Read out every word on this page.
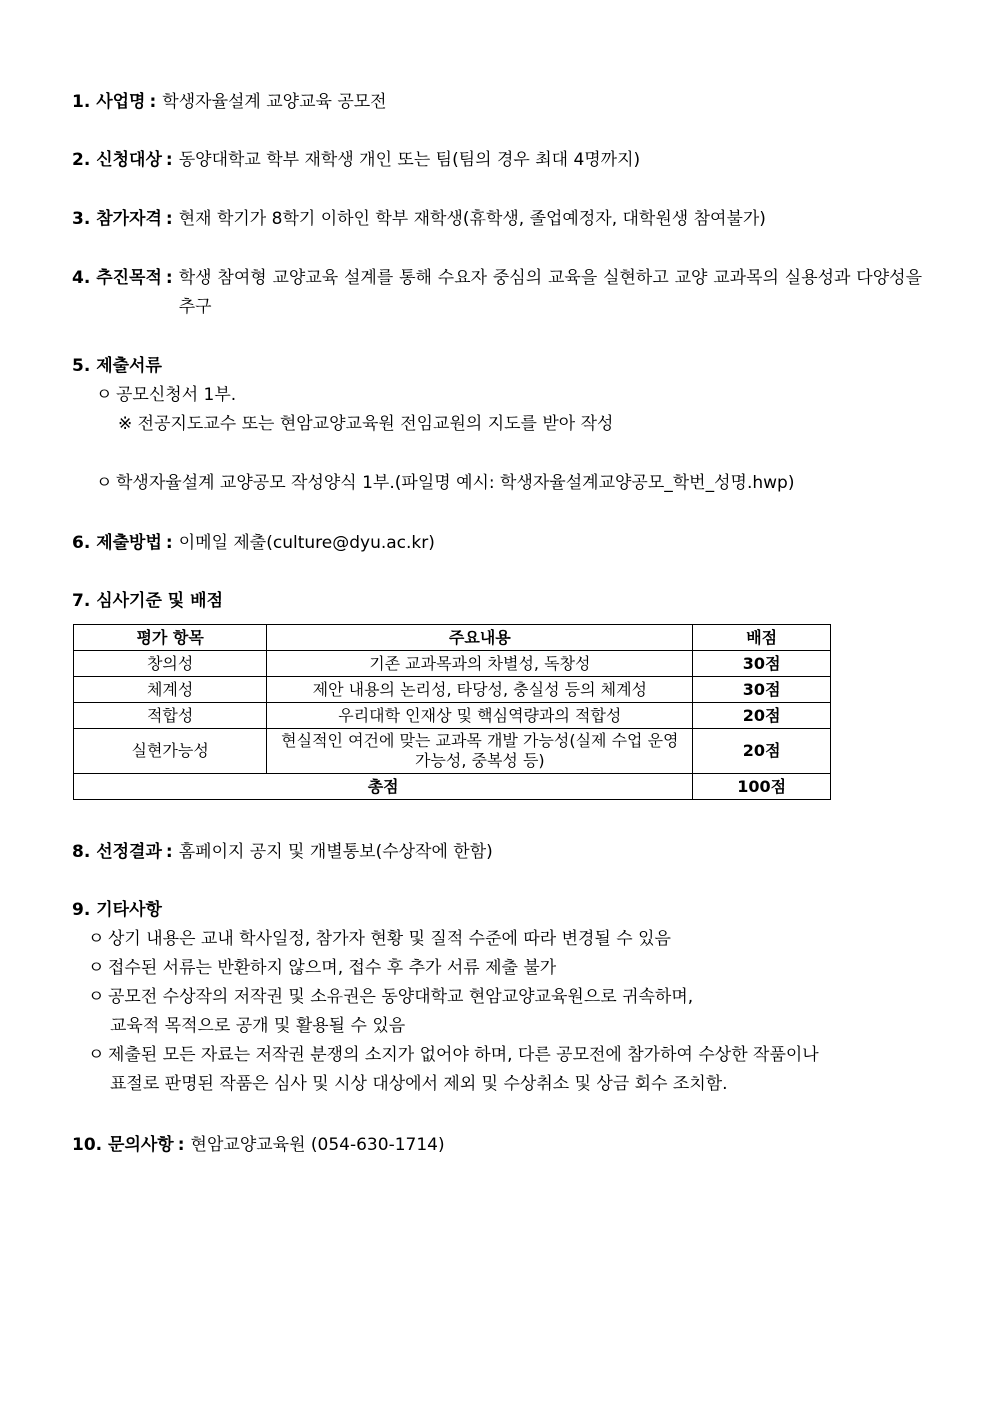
1. 사업명 : 학생자율설계 교양교육 공모전
2. 신청대상 : 동양대학교 학부 재학생 개인 또는 팀(팀의 경우 최대 4명까지)
3. 참가자격 : 현재 학기가 8학기 이하인 학부 재학생(휴학생, 졸업예정자, 대학원생 참여불가)
4. 추진목적 : 학생 참여형 교양교육 설계를 통해 수요자 중심의 교육을 실현하고 교양 교과목의 실용성과 다양성을 추구
5. 제출서류
ㅇ 공모신청서 1부.
※ 전공지도교수 또는 현암교양교육원 전임교원의 지도를 받아 작성
ㅇ 학생자율설계 교양공모 작성양식 1부.(파일명 예시: 학생자율설계교양공모_학번_성명.hwp)
6. 제출방법 : 이메일 제출(culture@dyu.ac.kr)
7. 심사기준 및 배점
평가 항목	주요내용	배점
창의성	기존 교과목과의 차별성, 독창성	30점
체계성	제안 내용의 논리성, 타당성, 충실성 등의 체계성	30점
적합성	우리대학 인재상 및 핵심역량과의 적합성	20점
실현가능성	현실적인 여건에 맞는 교과목 개발 가능성(실제 수업 운영 가능성, 중복성 등)	20점
총점		100점
8. 선정결과 : 홈페이지 공지 및 개별통보(수상작에 한함)
9. 기타사항
ㅇ 상기 내용은 교내 학사일정, 참가자 현황 및 질적 수준에 따라 변경될 수 있음
ㅇ 접수된 서류는 반환하지 않으며, 접수 후 추가 서류 제출 불가
ㅇ 공모전 수상작의 저작권 및 소유권은 동양대학교 현암교양교육원으로 귀속하며,
교육적 목적으로 공개 및 활용될 수 있음
ㅇ 제출된 모든 자료는 저작권 분쟁의 소지가 없어야 하며, 다른 공모전에 참가하여 수상한 작품이나
표절로 판명된 작품은 심사 및 시상 대상에서 제외 및 수상취소 및 상금 회수 조치함.
10. 문의사항 : 현암교양교육원 (054-630-1714)
